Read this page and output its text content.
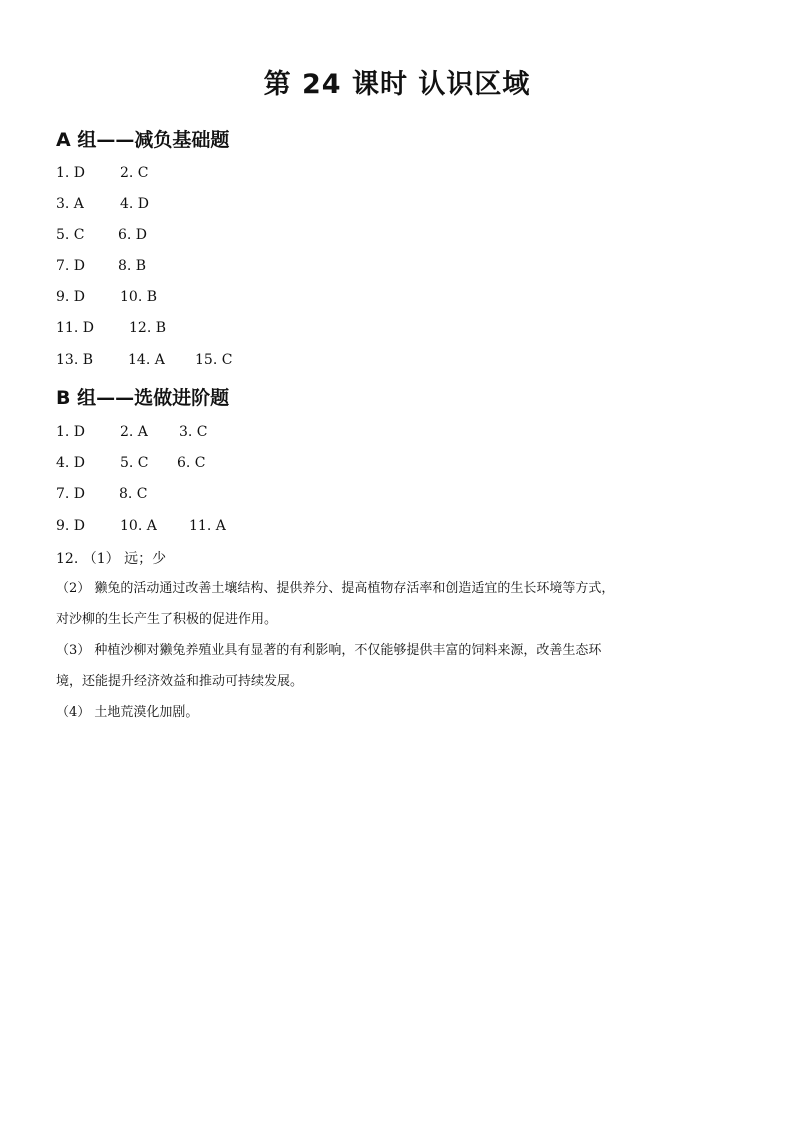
第 24 课时 认识区域
A 组——减负基础题
1. D 2. C
3. A	4. D
5. C 6. D
7. D 8. B
9. D 10. B
11. D	12. B
13. B 14. A 15. C
B 组——选做进阶题
1. D 2. A 3. C
4. D 5. C 6. C
7. D 8. C
9. D 10. A 11. A
12. （1） 远；少
（2） 獭兔的活动通过改善土壤结构、提供养分、提高植物存活率和创造适宜的生长环境等方式，
对沙柳的生长产生了积极的促进作用。
（3） 种植沙柳对獭兔养殖业具有显著的有利影响，不仅能够提供丰富的饲料来源，改善生态环
境，还能提升经济效益和推动可持续发展。
（4） 土地荒漠化加剧。
